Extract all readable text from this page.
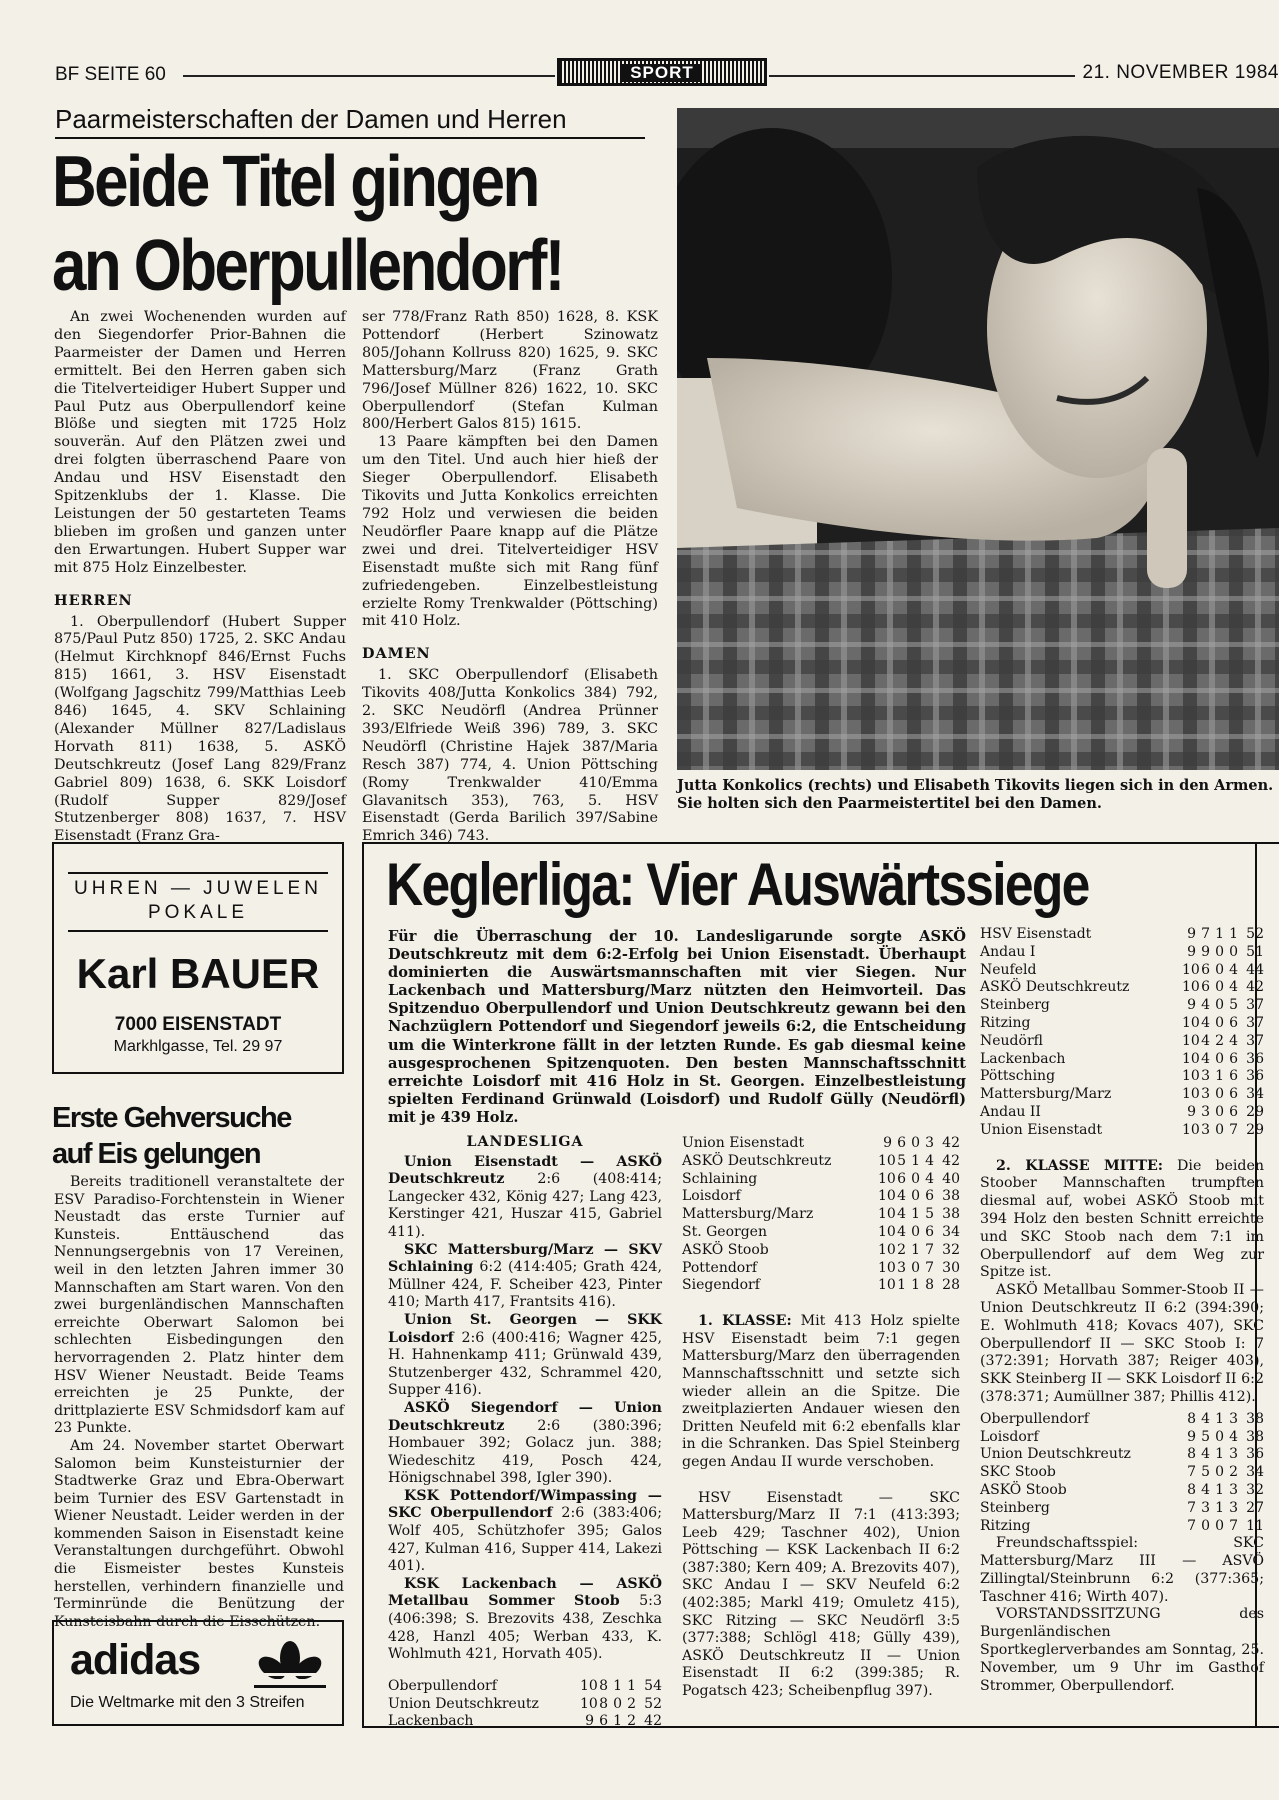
BF SEITE 60	SPORT	21. NOVEMBER 1984
Paarmeisterschaften der Damen und Herren
Beide Titel gingen
an Oberpullendorf!

An zwei Wochenenden wurden auf den Siegendorfer Prior-Bahnen die Paarmeister der Damen und Herren ermittelt. Bei den Herren gaben sich die Titelverteidiger Hubert Supper und Paul Putz aus Oberpullendorf keine Blöße und siegten mit 1725 Holz souverän. Auf den Plätzen zwei und drei folgten überraschend Paare von Andau und HSV Eisenstadt den Spitzenklubs der 1. Klasse. Die Leistungen der 50 gestarteten Teams blieben im großen und ganzen unter den Erwartungen. Hubert Supper war mit 875 Holz Einzelbester.

HERREN

1. Oberpullendorf (Hubert Supper 875/Paul Putz 850) 1725, 2. SKC Andau (Helmut Kirchknopf 846/Ernst Fuchs 815) 1661, 3. HSV Eisenstadt (Wolfgang Jagschitz 799/Matthias Leeb 846) 1645, 4. SKV Schlaining (Alexander Müllner 827/Ladislaus Horvath 811) 1638, 5. ASKÖ Deutschkreutz (Josef Lang 829/Franz Gabriel 809) 1638, 6. SKK Loisdorf (Rudolf Supper 829/Josef Stutzenberger 808) 1637, 7. HSV Eisenstadt (Franz Gra-

ser 778/Franz Rath 850) 1628, 8. KSK Pottendorf (Herbert Szinowatz 805/Johann Kollruss 820) 1625, 9. SKC Mattersburg/Marz (Franz Grath 796/Josef Müllner 826) 1622, 10. SKC Oberpullendorf (Stefan Kulman 800/Herbert Galos 815) 1615.

13 Paare kämpften bei den Damen um den Titel. Und auch hier hieß der Sieger Oberpullendorf. Elisabeth Tikovits und Jutta Konkolics erreichten 792 Holz und verwiesen die beiden Neudörfler Paare knapp auf die Plätze zwei und drei. Titelverteidiger HSV Eisenstadt mußte sich mit Rang fünf zufriedengeben. Einzelbestleistung erzielte Romy Trenkwalder (Pöttsching) mit 410 Holz.

DAMEN

1. SKC Oberpullendorf (Elisabeth Tikovits 408/Jutta Konkolics 384) 792, 2. SKC Neudörfl (Andrea Prünner 393/Elfriede Weiß 396) 789, 3. SKC Neudörfl (Christine Hajek 387/Maria Resch 387) 774, 4. Union Pöttsching (Romy Trenkwalder 410/Emma Glavanitsch 353), 763, 5. HSV Eisenstadt (Gerda Barilich 397/Sabine Emrich 346) 743.

Jutta Konkolics (rechts) und Elisabeth Tikovits liegen sich in den Armen. Sie holten sich den Paarmeistertitel bei den Damen.
UHREN — JUWELEN
POKALE
Karl BAUER
7000 EISENSTADT
Markhlgasse, Tel. 29 97
Erste Gehversuche
auf Eis gelungen

Bereits traditionell veranstaltete der ESV Paradiso-Forchtenstein in Wiener Neustadt das erste Turnier auf Kunsteis. Enttäuschend das Nennungsergebnis von 17 Vereinen, weil in den letzten Jahren immer 30 Mannschaften am Start waren. Von den zwei burgenländischen Mannschaften erreichte Oberwart Salomon bei schlechten Eisbedingungen den hervorragenden 2. Platz hinter dem HSV Wiener Neustadt. Beide Teams erreichten je 25 Punkte, der drittplazierte ESV Schmidsdorf kam auf 23 Punkte.

Am 24. November startet Oberwart Salomon beim Kunsteisturnier der Stadtwerke Graz und Ebra-Oberwart beim Turnier des ESV Gartenstadt in Wiener Neustadt. Leider werden in der kommenden Saison in Eisenstadt keine Veranstaltungen durchgeführt. Obwohl die Eismeister bestes Kunsteis herstellen, verhindern finanzielle und Terminründe die Benützung der Kunsteisbahn durch die Eisschützen.

adidas
Die Weltmarke mit den 3 Streifen
Keglerliga: Vier Auswärtssiege
Für die Überraschung der 10. Landesligarunde sorgte ASKÖ Deutschkreutz mit dem 6:2-Erfolg bei Union Eisenstadt. Überhaupt dominierten die Auswärtsmannschaften mit vier Siegen. Nur Lackenbach und Mattersburg/Marz nützten den Heimvorteil. Das Spitzenduo Oberpullendorf und Union Deutschkreutz gewann bei den Nachzüglern Pottendorf und Siegendorf jeweils 6:2, die Entscheidung um die Winterkrone fällt in der letzten Runde. Es gab diesmal keine ausgesprochenen Spitzenquoten. Den besten Mannschaftsschnitt erreichte Loisdorf mit 416 Holz in St. Georgen. Einzelbestleistung spielten Ferdinand Grünwald (Loisdorf) und Rudolf Gülly (Neudörfl) mit je 439 Holz.
LANDESLIGA

Union Eisenstadt — ASKÖ Deutschkreutz 2:6 (408:414; Langecker 432, König 427; Lang 423, Kerstinger 421, Huszar 415, Gabriel 411).

SKC Mattersburg/Marz — SKV Schlaining 6:2 (414:405; Grath 424, Müllner 424, F. Scheiber 423, Pinter 410; Marth 417, Frantsits 416).

Union St. Georgen — SKK Loisdorf 2:6 (400:416; Wagner 425, H. Hahnenkamp 411; Grünwald 439, Stutzenberger 432, Schrammel 420, Supper 416).

ASKÖ Siegendorf — Union Deutschkreutz 2:6 (380:396; Hombauer 392; Golacz jun. 388; Wiedeschitz 419, Posch 424, Hönigschnabel 398, Igler 390).

KSK Pottendorf/Wimpassing — SKC Oberpullendorf 2:6 (383:406; Wolf 405, Schützhofer 395; Galos 427, Kulman 416, Supper 414, Lakezi 401).

KSK Lackenbach — ASKÖ Metallbau Sommer Stoob 5:3 (406:398; S. Brezovits 438, Zeschka 428, Hanzl 405; Werban 433, K. Wohlmuth 421, Horvath 405).

Oberpullendorf	10 8 1 1 54
Union Deutschkreutz	10 8 0 2 52
Lackenbach	9 6 1 2 42
Union Eisenstadt	9 6 0 3 42
ASKÖ Deutschkreutz	10 5 1 4 42
Schlaining	10 6 0 4 40
Loisdorf	10 4 0 6 38
Mattersburg/Marz	10 4 1 5 38
St. Georgen	10 4 0 6 34
ASKÖ Stoob	10 2 1 7 32
Pottendorf	10 3 0 7 30
Siegendorf	10 1 1 8 28

1. KLASSE: Mit 413 Holz spielte HSV Eisenstadt beim 7:1 gegen Mattersburg/Marz den überragenden Mannschaftsschnitt und setzte sich wieder allein an die Spitze. Die zweitplazierten Andauer wiesen den Dritten Neufeld mit 6:2 ebenfalls klar in die Schranken. Das Spiel Steinberg gegen Andau II wurde verschoben.

HSV Eisenstadt — SKC Mattersburg/Marz II 7:1 (413:393; Leeb 429; Taschner 402), Union Pöttsching — KSK Lackenbach II 6:2 (387:380; Kern 409; A. Brezovits 407), SKC Andau I — SKV Neufeld 6:2 (402:385; Markl 419; Omuletz 415), SKC Ritzing — SKC Neudörfl 3:5 (377:388; Schlögl 418; Gülly 439), ASKÖ Deutschkreutz II — Union Eisenstadt II 6:2 (399:385; R. Pogatsch 423; Scheibenpflug 397).

HSV Eisenstadt	9 7 1 1 52
Andau I	9 9 0 0 51
Neufeld	10 6 0 4 44
ASKÖ Deutschkreutz	10 6 0 4 42
Steinberg	9 4 0 5 37
Ritzing	10 4 0 6 37
Neudörfl	10 4 2 4 37
Lackenbach	10 4 0 6 36
Pöttsching	10 3 1 6 36
Mattersburg/Marz	10 3 0 6 34
Andau II	9 3 0 6 29
Union Eisenstadt	10 3 0 7 29

2. KLASSE MITTE: Die beiden Stoober Mannschaften trumpften diesmal auf, wobei ASKÖ Stoob mit 394 Holz den besten Schnitt erreichte und SKC Stoob nach dem 7:1 im Oberpullendorf auf dem Weg zur Spitze ist.

ASKÖ Metallbau Sommer-Stoob II — Union Deutschkreutz II 6:2 (394:390; E. Wohlmuth 418; Kovacs 407), SKC Oberpullendorf II — SKC Stoob I: 7 (372:391; Horvath 387; Reiger 403), SKK Steinberg II — SKK Loisdorf II 6:2 (378:371; Aumüllner 387; Phillis 412).

Oberpullendorf	8 4 1 3 38
Loisdorf	9 5 0 4 38
Union Deutschkreutz	8 4 1 3 36
SKC Stoob	7 5 0 2 34
ASKÖ Stoob	8 4 1 3 32
Steinberg	7 3 1 3 27
Ritzing	7 0 0 7 11

Freundschaftsspiel: SKC Mattersburg/Marz III — ASVÖ Zillingtal/Steinbrunn 6:2 (377:365; Taschner 416; Wirth 407).

VORSTANDSSITZUNG des Burgenländischen Sportkeglerverbandes am Sonntag, 25. November, um 9 Uhr im Gasthof Strommer, Oberpullendorf.
